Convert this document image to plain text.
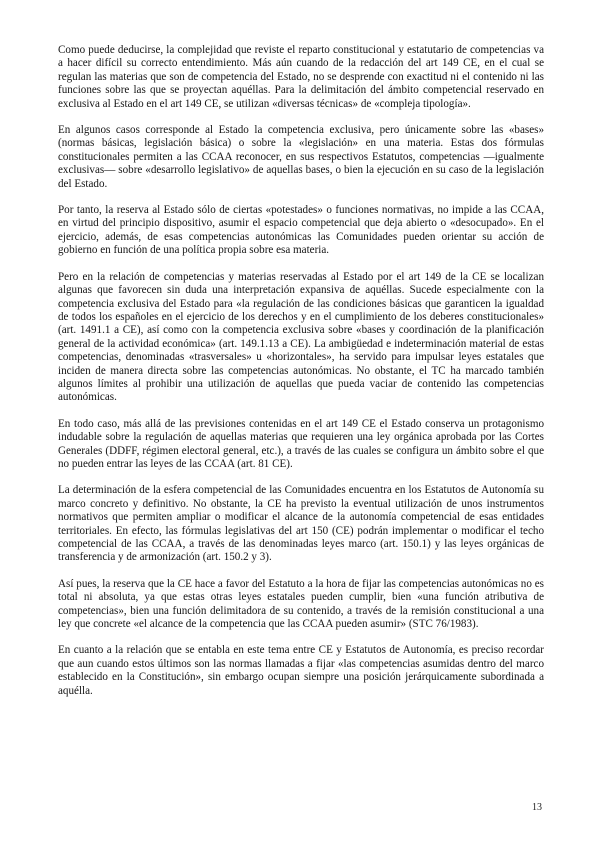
Como puede deducirse, la complejidad que reviste el reparto constitucional y estatutario de competencias va a hacer difícil su correcto entendimiento. Más aún cuando de la redacción del art 149 CE, en el cual se regulan las materias que son de competencia del Estado, no se desprende con exactitud ni el contenido ni las funciones sobre las que se proyectan aquéllas. Para la delimitación del ámbito competencial reservado en exclusiva al Estado en el art 149 CE, se utilizan «diversas técnicas» de «compleja tipología».

En algunos casos corresponde al Estado la competencia exclusiva, pero únicamente sobre las «bases» (normas básicas, legislación básica) o sobre la «legislación» en una materia. Estas dos fórmulas constitucionales permiten a las CCAA reconocer, en sus respectivos Estatutos, competencias —igualmente exclusivas— sobre «desarrollo legislativo» de aquellas bases, o bien la ejecución en su caso de la legislación del Estado.

Por tanto, la reserva al Estado sólo de ciertas «potestades» o funciones normativas, no impide a las CCAA, en virtud del principio dispositivo, asumir el espacio competencial que deja abierto o «desocupado». En el ejercicio, además, de esas competencias autonómicas las Comunidades pueden orientar su acción de gobierno en función de una política propia sobre esa materia.

Pero en la relación de competencias y materias reservadas al Estado por el art 149 de la CE se localizan algunas que favorecen sin duda una interpretación expansiva de aquéllas. Sucede especialmente con la competencia exclusiva del Estado para «la regulación de las condiciones básicas que garanticen la igualdad de todos los españoles en el ejercicio de los derechos y en el cumplimiento de los deberes constitucionales» (art. 1491.1 a CE), así como con la competencia exclusiva sobre «bases y coordinación de la planificación general de la actividad económica» (art. 149.1.13 a CE). La ambigüedad e indeterminación material de estas competencias, denominadas «trasversales» u «horizontales», ha servido para impulsar leyes estatales que inciden de manera directa sobre las competencias autonómicas. No obstante, el TC ha marcado también algunos límites al prohibir una utilización de aquellas que pueda vaciar de contenido las competencias autonómicas.

En todo caso, más allá de las previsiones contenidas en el art 149 CE el Estado conserva un protagonismo indudable sobre la regulación de aquellas materias que requieren una ley orgánica aprobada por las Cortes Generales (DDFF, régimen electoral general, etc.), a través de las cuales se configura un ámbito sobre el que no pueden entrar las leyes de las CCAA (art. 81 CE).

La determinación de la esfera competencial de las Comunidades encuentra en los Estatutos de Autonomía su marco concreto y definitivo. No obstante, la CE ha previsto la eventual utilización de unos instrumentos normativos que permiten ampliar o modificar el alcance de la autonomía competencial de esas entidades territoriales. En efecto, las fórmulas legislativas del art 150 (CE) podrán implementar o modificar el techo competencial de las CCAA, a través de las denominadas leyes marco (art. 150.1) y las leyes orgánicas de transferencia y de armonización (art. 150.2 y 3).

Así pues, la reserva que la CE hace a favor del Estatuto a la hora de fijar las competencias autonómicas no es total ni absoluta, ya que estas otras leyes estatales pueden cumplir, bien «una función atributiva de competencias», bien una función delimitadora de su contenido, a través de la remisión constitucional a una ley que concrete «el alcance de la competencia que las CCAA pueden asumir» (STC 76/1983).

En cuanto a la relación que se entabla en este tema entre CE y Estatutos de Autonomía, es preciso recordar que aun cuando estos últimos son las normas llamadas a fijar «las competencias asumidas dentro del marco establecido en la Constitución», sin embargo ocupan siempre una posición jerárquicamente subordinada a aquélla.

13
